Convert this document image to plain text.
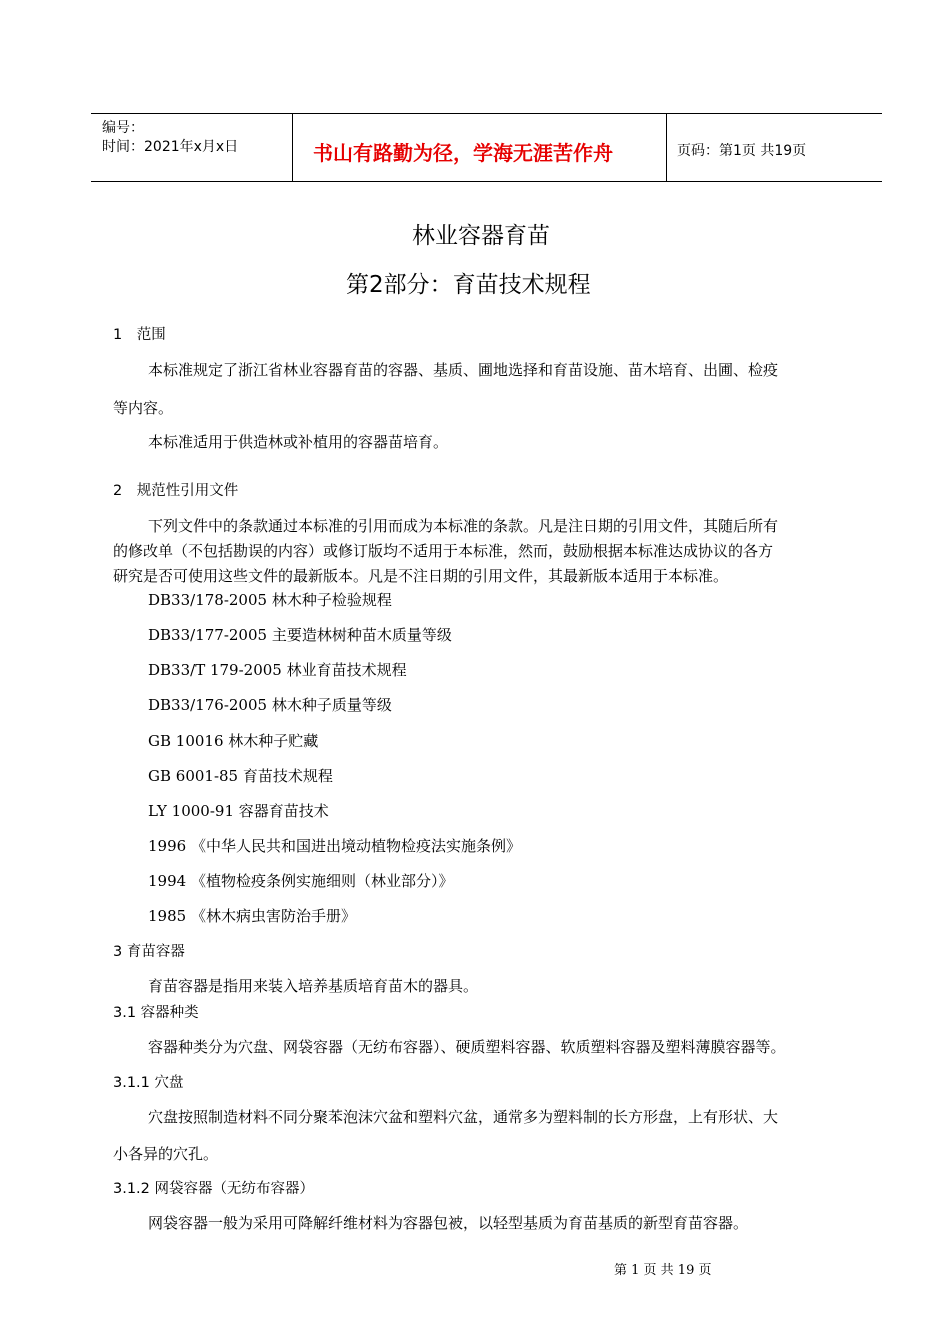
编号：
时间：2021年x月x日	书山有路勤为径，学海无涯苦作舟	页码：第1页 共19页
林业容器育苗
第2部分：育苗技术规程
1　范围
本标准规定了浙江省林业容器育苗的容器、基质、圃地选择和育苗设施、苗木培育、出圃、检疫
等内容。
本标准适用于供造林或补植用的容器苗培育。
2　规范性引用文件
下列文件中的条款通过本标准的引用而成为本标准的条款。凡是注日期的引用文件，其随后所有
的修改单（不包括勘误的内容）或修订版均不适用于本标准，然而，鼓励根据本标准达成协议的各方
研究是否可使用这些文件的最新版本。凡是不注日期的引用文件，其最新版本适用于本标准。
DB33/178-2005 林木种子检验规程
DB33/177-2005 主要造林树种苗木质量等级
DB33/T 179-2005 林业育苗技术规程
DB33/176-2005 林木种子质量等级
GB 10016 林木种子贮藏
GB 6001-85 育苗技术规程
LY 1000-91 容器育苗技术
1996 《中华人民共和国进出境动植物检疫法实施条例》
1994 《植物检疫条例实施细则（林业部分）》
1985 《林木病虫害防治手册》
3 育苗容器
育苗容器是指用来装入培养基质培育苗木的器具。
3.1 容器种类
容器种类分为穴盘、网袋容器（无纺布容器）、硬质塑料容器、软质塑料容器及塑料薄膜容器等。
3.1.1 穴盘
穴盘按照制造材料不同分聚苯泡沫穴盆和塑料穴盆，通常多为塑料制的长方形盘，上有形状、大
小各异的穴孔。
3.1.2 网袋容器（无纺布容器）
网袋容器一般为采用可降解纤维材料为容器包被，以轻型基质为育苗基质的新型育苗容器。
第 1 页 共 19 页
